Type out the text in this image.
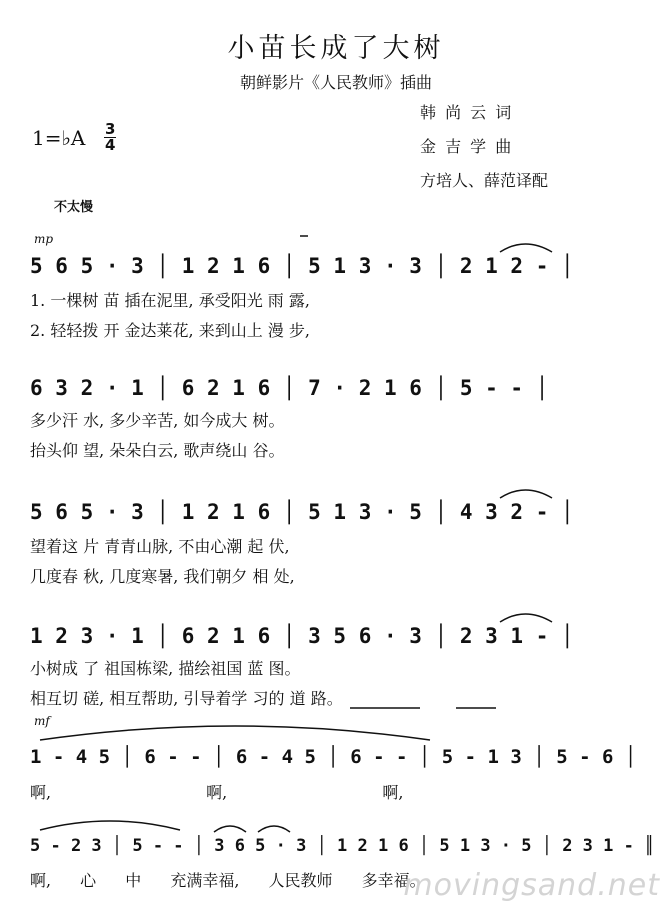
小苗长成了大树
朝鲜影片《人民教师》插曲
韩 尚 云 词
金 吉 学 曲
方培人、薛范译配
1=♭A 3
4
不太慢
mp
5 6 5 · 3 │ 1 2 1 6 │ 5 1 3 · 3 │ 2 1 2 - │
1. 一棵树 苗 插在泥里, 承受阳光 雨 露,
2. 轻轻拨 开 金达莱花, 来到山上 漫 步,
6 3 2 · 1 │ 6 2 1 6 │ 7 · 2 1 6 │ 5 - - │
多少汗 水, 多少辛苦, 如今成大 树。
抬头仰 望, 朵朵白云, 歌声绕山 谷。
5 6 5 · 3 │ 1 2 1 6 │ 5 1 3 · 5 │ 4 3 2 - │
望着这 片 青青山脉, 不由心潮 起 伏,
几度春 秋, 几度寒暑, 我们朝夕 相 处,
1 2 3 · 1 │ 6 2 1 6 │ 3 5 6 · 3 │ 2 3 1 - │
小树成 了 祖国栋梁, 描绘祖国 蓝 图。
相互切 磋, 相互帮助, 引导着学 习的 道 路。
mf
1 - 4 5 │ 6 - - │ 6 - 4 5 │ 6 - - │ 5 - 1 3 │ 5 - 6 │
啊, 啊, 啊,
5 - 2 3 │ 5 - - │ 3 6 5 · 3 │ 1 2 1 6 │ 5 1 3 · 5 │ 2 3 1 - ║
啊, 心 中 充满幸福, 人民教师 多幸福。
movingsand.net
